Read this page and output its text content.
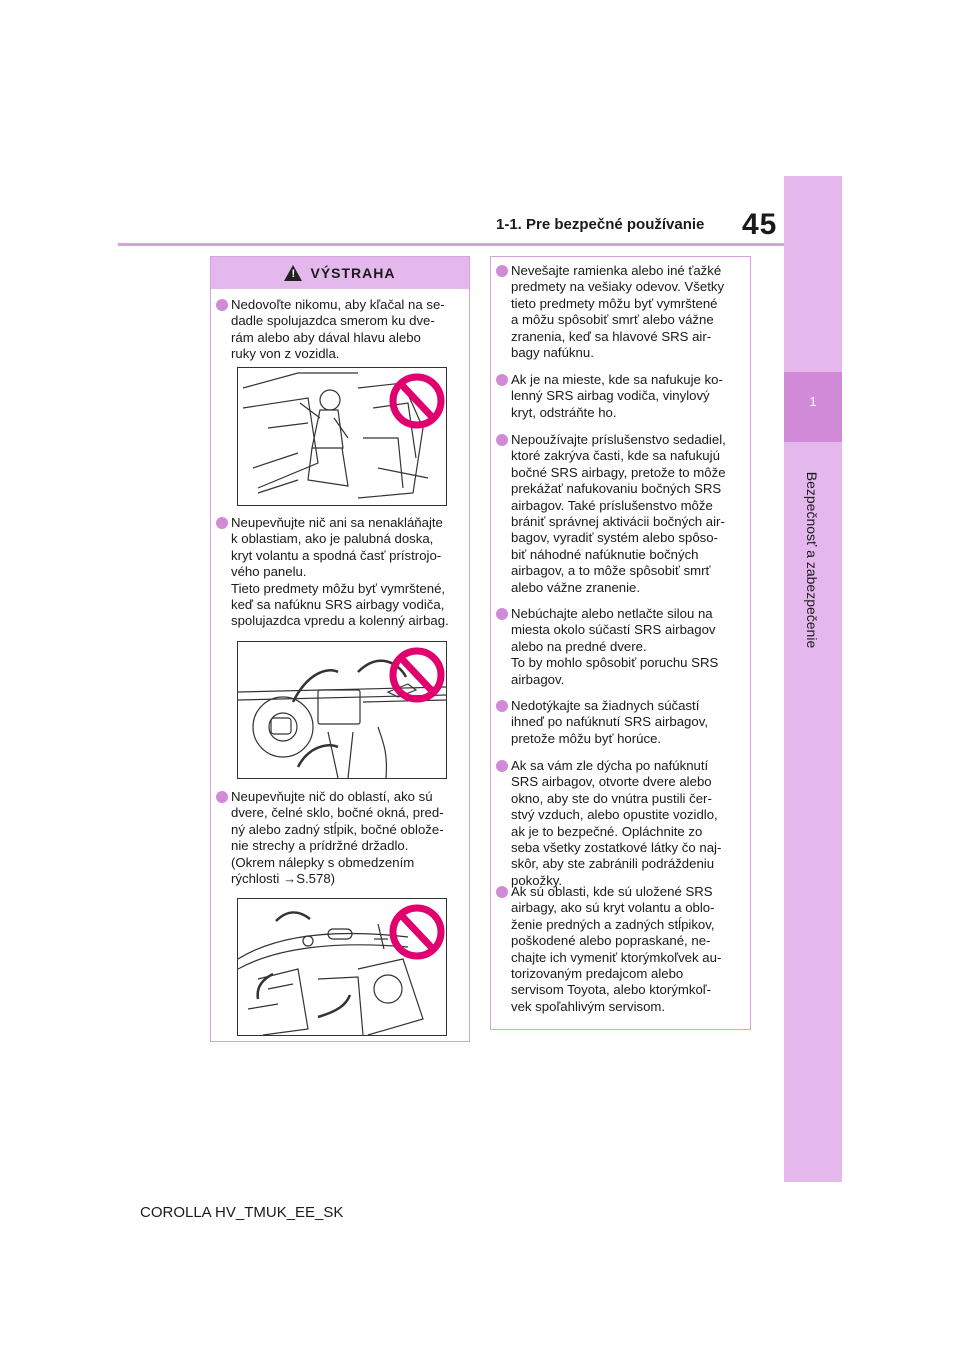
1-1. Pre bezpečné používanie 45
1
Bezpečnosť a zabezpečenie
! VÝSTRAHA
Nedovoľte nikomu, aby kľačal na se-
dadle spolujazdca smerom ku dve-
rám alebo aby dával hlavu alebo
ruky von z vozidla.
Neupevňujte nič ani sa nenakláňajte
k oblastiam, ako je palubná doska,
kryt volantu a spodná časť prístrojo-
vého panelu.
Tieto predmety môžu byť vymrštené,
keď sa nafúknu SRS airbagy vodiča,
spolujazdca vpredu a kolenný airbag.
Neupevňujte nič do oblastí, ako sú
dvere, čelné sklo, bočné okná, pred-
ný alebo zadný stĺpik, bočné oblože-
nie strechy a prídržné držadlo.
(Okrem nálepky s obmedzením
rýchlosti →S.578)
Nevešajte ramienka alebo iné ťažké
predmety na vešiaky odevov. Všetky
tieto predmety môžu byť vymrštené
a môžu spôsobiť smrť alebo vážne
zranenia, keď sa hlavové SRS air-
bagy nafúknu.
Ak je na mieste, kde sa nafukuje ko-
lenný SRS airbag vodiča, vinylový
kryt, odstráňte ho.
Nepoužívajte príslušenstvo sedadiel,
ktoré zakrýva časti, kde sa nafukujú
bočné SRS airbagy, pretože to môže
prekážať nafukovaniu bočných SRS
airbagov. Také príslušenstvo môže
brániť správnej aktivácii bočných air-
bagov, vyradiť systém alebo spôso-
biť náhodné nafúknutie bočných
airbagov, a to môže spôsobiť smrť
alebo vážne zranenie.
Nebúchajte alebo netlačte silou na
miesta okolo súčastí SRS airbagov
alebo na predné dvere.
To by mohlo spôsobiť poruchu SRS
airbagov.
Nedotýkajte sa žiadnych súčastí
ihneď po nafúknutí SRS airbagov,
pretože môžu byť horúce.
Ak sa vám zle dýcha po nafúknutí
SRS airbagov, otvorte dvere alebo
okno, aby ste do vnútra pustili čer-
stvý vzduch, alebo opustite vozidlo,
ak je to bezpečné. Opláchnite zo
seba všetky zostatkové látky čo naj-
skôr, aby ste zabránili podráždeniu
pokožky.
Ak sú oblasti, kde sú uložené SRS
airbagy, ako sú kryt volantu a oblo-
ženie predných a zadných stĺpikov,
poškodené alebo popraskané, ne-
chajte ich vymeniť ktorýmkoľvek au-
torizovaným predajcom alebo
servisom Toyota, alebo ktorýmkoľ-
vek spoľahlivým servisom.
COROLLA HV_TMUK_EE_SK
